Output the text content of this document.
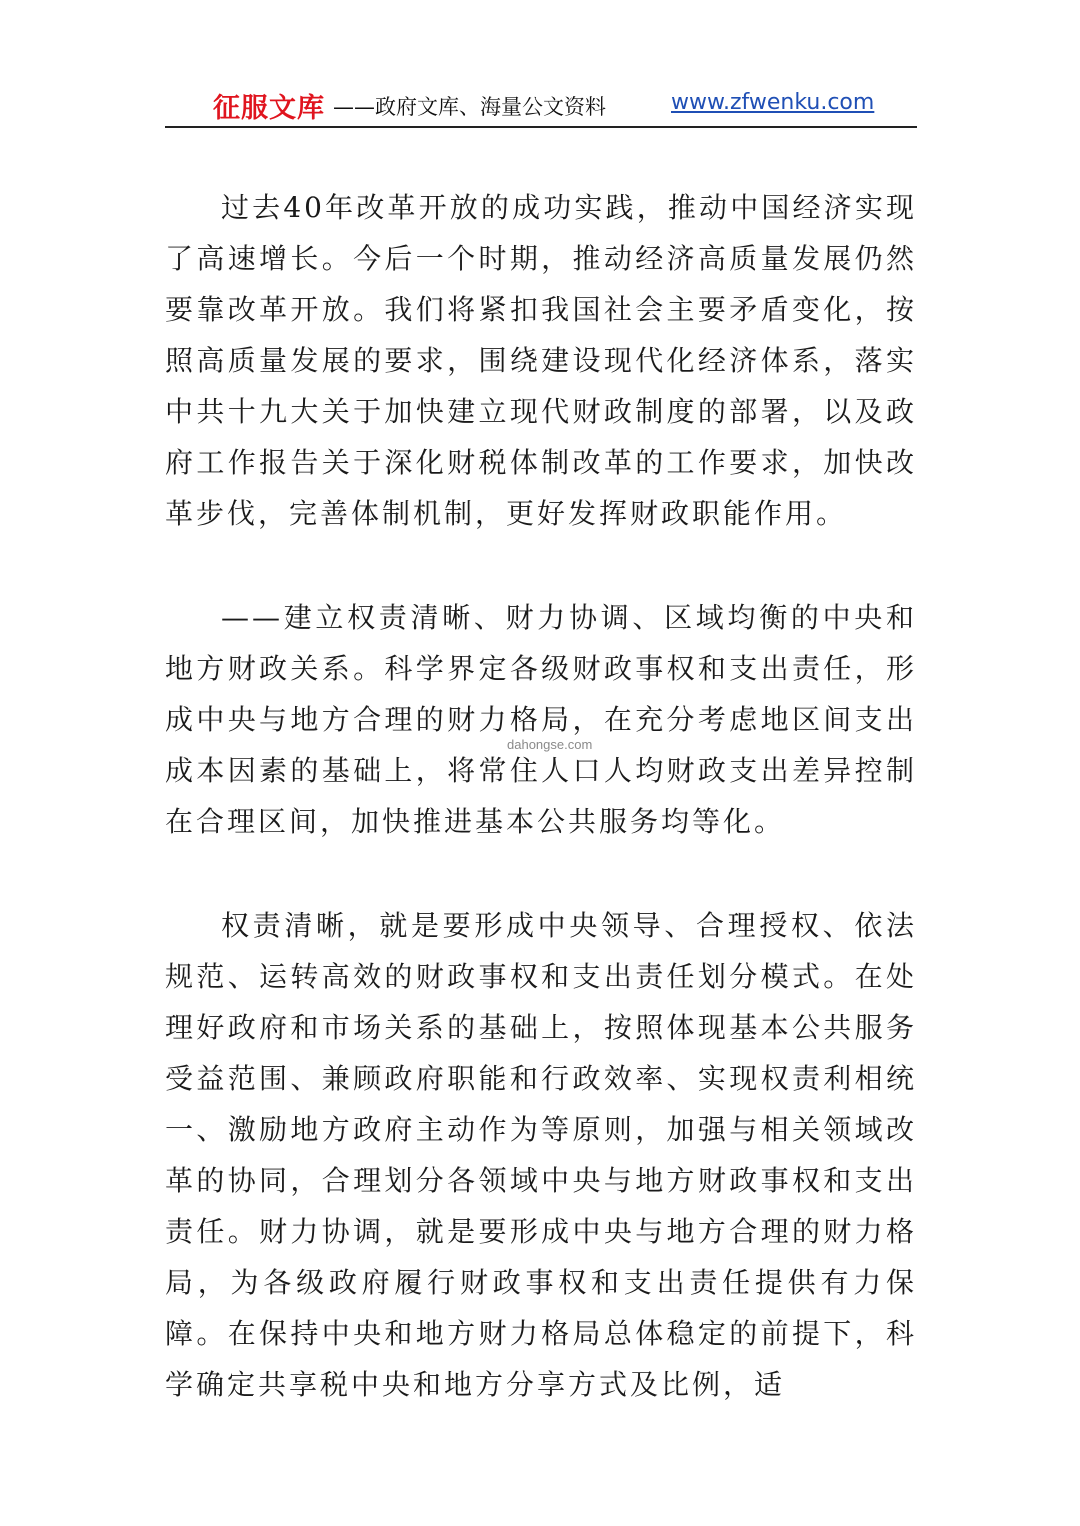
征服文库 ——政府文库、海量公文资料	www.zfwenku.com

过去40年改革开放的成功实践，推动中国经济实现了高速增长。今后一个时期，推动经济高质量发展仍然要靠改革开放。我们将紧扣我国社会主要矛盾变化，按照高质量发展的要求，围绕建设现代化经济体系，落实中共十九大关于加快建立现代财政制度的部署，以及政府工作报告关于深化财税体制改革的工作要求，加快改革步伐，完善体制机制，更好发挥财政职能作用。

——建立权责清晰、财力协调、区域均衡的中央和地方财政关系。科学界定各级财政事权和支出责任，形成中央与地方合理的财力格局，在充分考虑地区间支出成本因素的基础上，将常住人口人均财政支出差异控制在合理区间，加快推进基本公共服务均等化。

权责清晰，就是要形成中央领导、合理授权、依法规范、运转高效的财政事权和支出责任划分模式。在处理好政府和市场关系的基础上，按照体现基本公共服务受益范围、兼顾政府职能和行政效率、实现权责利相统一、激励地方政府主动作为等原则，加强与相关领域改革的协同，合理划分各领域中央与地方财政事权和支出责任。财力协调，就是要形成中央与地方合理的财力格局，为各级政府履行财政事权和支出责任提供有力保障。在保持中央和地方财力格局总体稳定的前提下，科学确定共享税中央和地方分享方式及比例，适

dahongse.com
